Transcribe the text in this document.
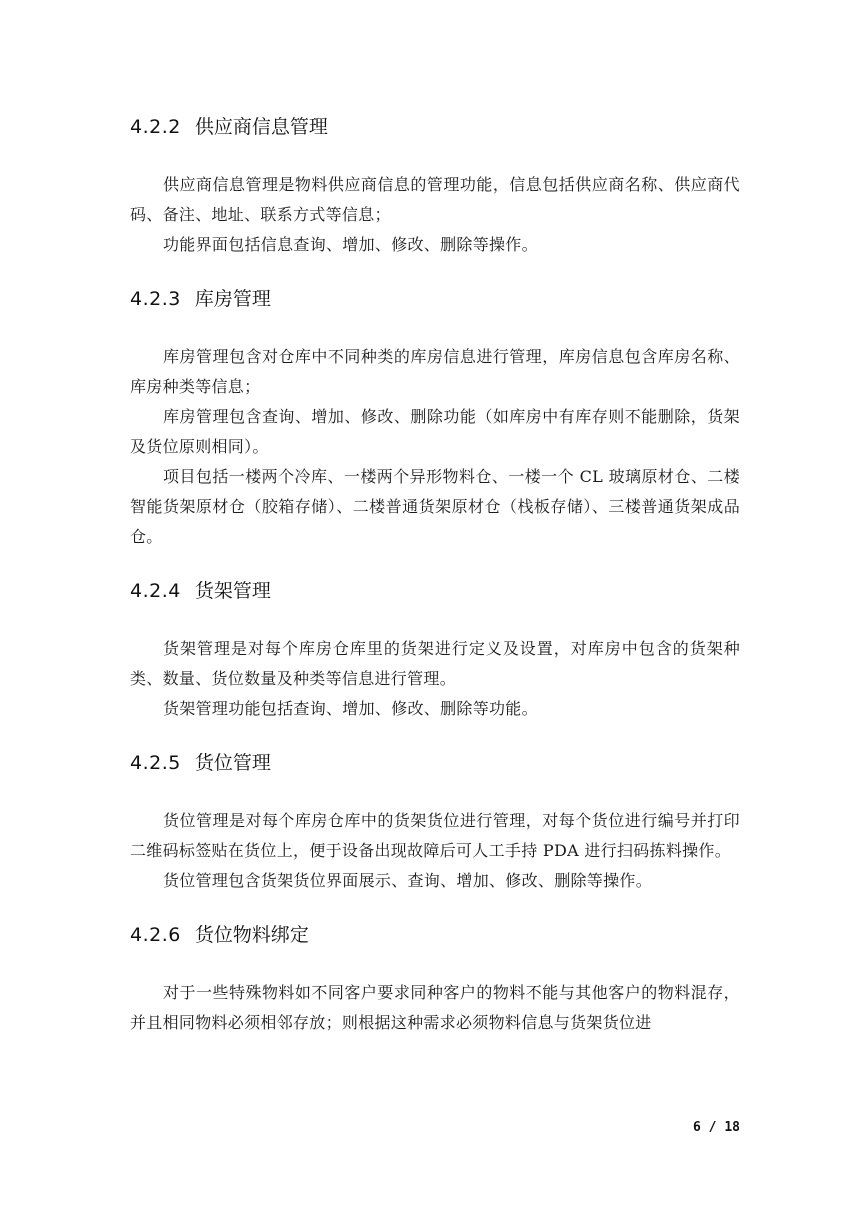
4.2.2 供应商信息管理

供应商信息管理是物料供应商信息的管理功能，信息包括供应商名称、供应商代码、备注、地址、联系方式等信息；

功能界面包括信息查询、增加、修改、删除等操作。

4.2.3 库房管理

库房管理包含对仓库中不同种类的库房信息进行管理，库房信息包含库房名称、库房种类等信息；

库房管理包含查询、增加、修改、删除功能（如库房中有库存则不能删除，货架及货位原则相同）。

项目包括一楼两个冷库、一楼两个异形物料仓、一楼一个 CL 玻璃原材仓、二楼智能货架原材仓（胶箱存储）、二楼普通货架原材仓（栈板存储）、三楼普通货架成品仓。

4.2.4 货架管理

货架管理是对每个库房仓库里的货架进行定义及设置，对库房中包含的货架种类、数量、货位数量及种类等信息进行管理。

货架管理功能包括查询、增加、修改、删除等功能。

4.2.5 货位管理

货位管理是对每个库房仓库中的货架货位进行管理，对每个货位进行编号并打印二维码标签贴在货位上，便于设备出现故障后可人工手持 PDA 进行扫码拣料操作。

货位管理包含货架货位界面展示、查询、增加、修改、删除等操作。

4.2.6 货位物料绑定

对于一些特殊物料如不同客户要求同种客户的物料不能与其他客户的物料混存，并且相同物料必须相邻存放；则根据这种需求必须物料信息与货架货位进

6 / 18
